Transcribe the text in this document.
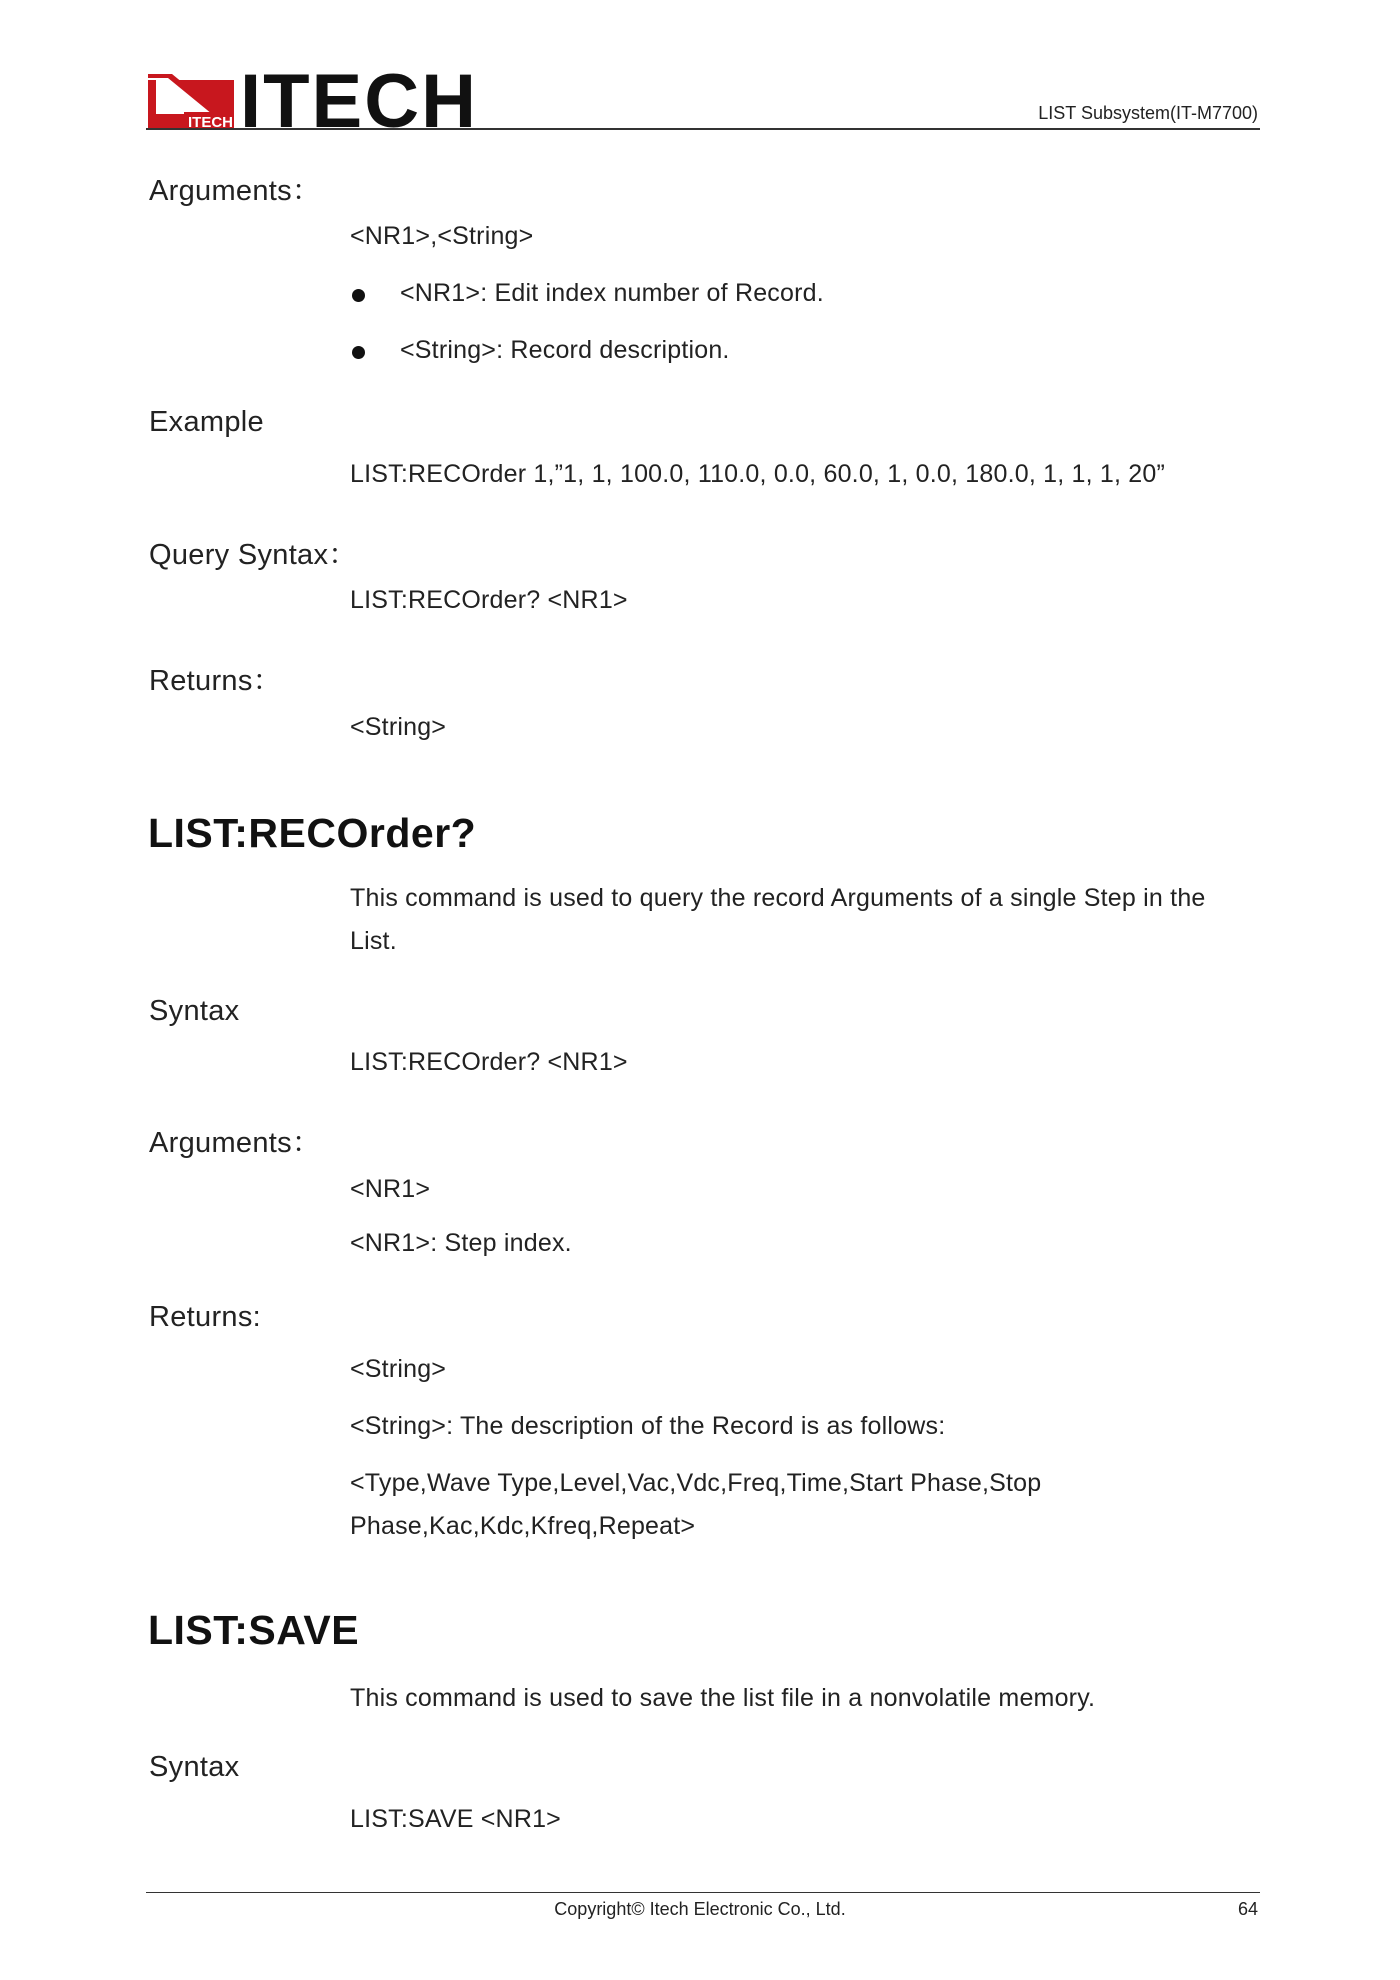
ITECH ITECH	LIST Subsystem(IT-M7700)
Arguments：
<NR1>,<String>
<NR1>: Edit index number of Record.
<String>: Record description.
Example
LIST:RECOrder 1,”1, 1, 100.0, 110.0, 0.0, 60.0, 1, 0.0, 180.0, 1, 1, 1, 20”
Query Syntax：
LIST:RECOrder? <NR1>
Returns：
<String>
LIST:RECOrder?
This command is used to query the record Arguments of a single Step in the List.
Syntax
LIST:RECOrder? <NR1>
Arguments：
<NR1>
<NR1>: Step index.
Returns:
<String>
<String>: The description of the Record is as follows:
<Type,Wave Type,Level,Vac,Vdc,Freq,Time,Start Phase,Stop Phase,Kac,Kdc,Kfreq,Repeat>
LIST:SAVE
This command is used to save the list file in a nonvolatile memory.
Syntax
LIST:SAVE <NR1>
Copyright© Itech Electronic Co., Ltd.	64
